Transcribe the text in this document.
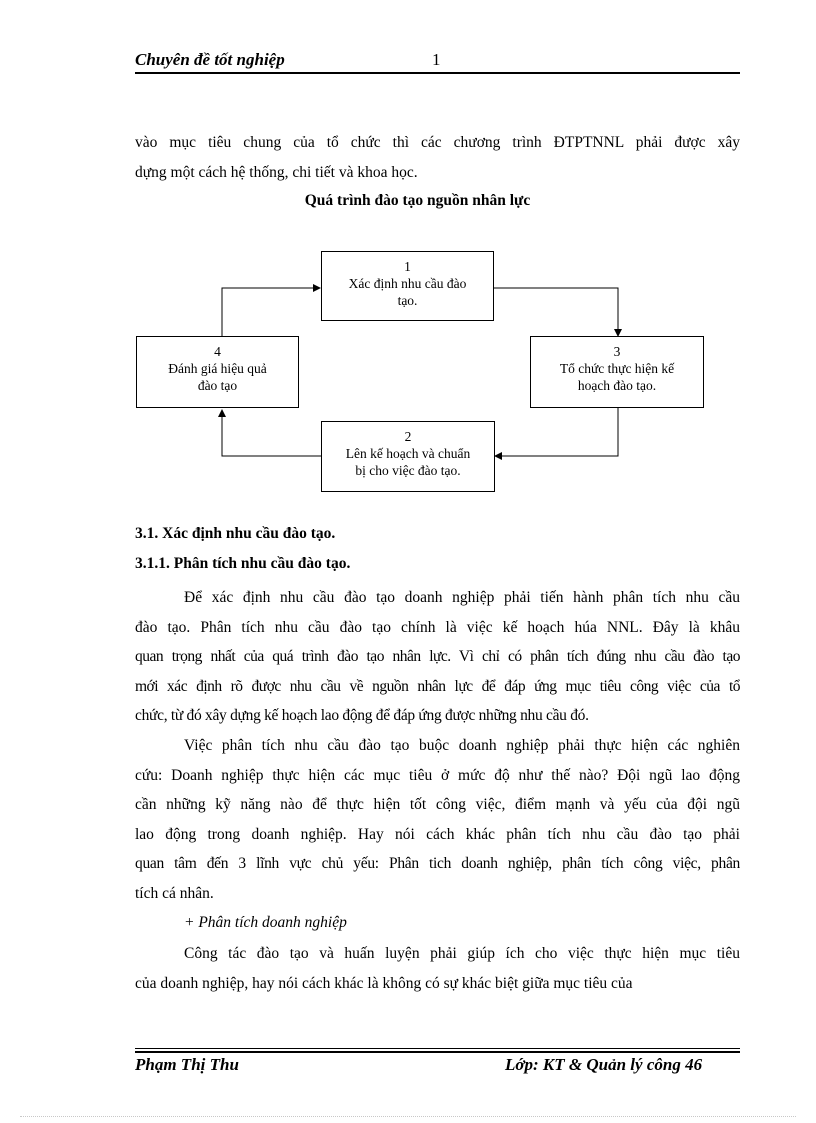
Chuyên đề tốt nghiệp	1
vào mục tiêu chung của tổ chức thì các chương trình ĐTPTNNL phải được xây
dựng một cách hệ thống, chi tiết và khoa học.
Quá trình đào tạo nguồn nhân lực
1
Xác định nhu cầu đào
tạo.
3
Tổ chức thực hiện kế
hoạch đào tạo.
2
Lên kế hoạch và chuẩn
bị cho việc đào tạo.
4
Đánh giá hiệu quả
đào tạo
3.1. Xác định nhu cầu đào tạo.
3.1.1. Phân tích nhu cầu đào tạo.
Để xác định nhu cầu đào tạo doanh nghiệp phải tiến hành phân tích nhu cầu
đào tạo. Phân tích nhu cầu đào tạo chính là việc kế hoạch húa NNL. Đây là khâu
quan trọng nhất của quá trình đào tạo nhân lực. Vì chỉ có phân tích đúng nhu cầu đào tạo
mới xác định rõ được nhu cầu về nguồn nhân lực để đáp ứng mục tiêu công việc của tổ
chức, từ đó xây dựng kế hoạch lao động để đáp ứng được những nhu cầu đó.
Việc phân tích nhu cầu đào tạo buộc doanh nghiệp phải thực hiện các nghiên
cứu: Doanh nghiệp thực hiện các mục tiêu ở mức độ như thế nào? Đội ngũ lao động
cần những kỹ năng nào để thực hiện tốt công việc, điểm mạnh và yếu của đội ngũ
lao động trong doanh nghiệp. Hay nói cách khác phân tích nhu cầu đào tạo phải
quan tâm đến 3 lĩnh vực chủ yếu: Phân tich doanh nghiệp, phân tích công việc, phân
tích cá nhân.
+ Phân tích doanh nghiệp
Công tác đào tạo và huấn luyện phải giúp ích cho việc thực hiện mục tiêu
của doanh nghiệp, hay nói cách khác là không có sự khác biệt giữa mục tiêu của
Phạm Thị Thu	Lớp: KT & Quản lý công 46
